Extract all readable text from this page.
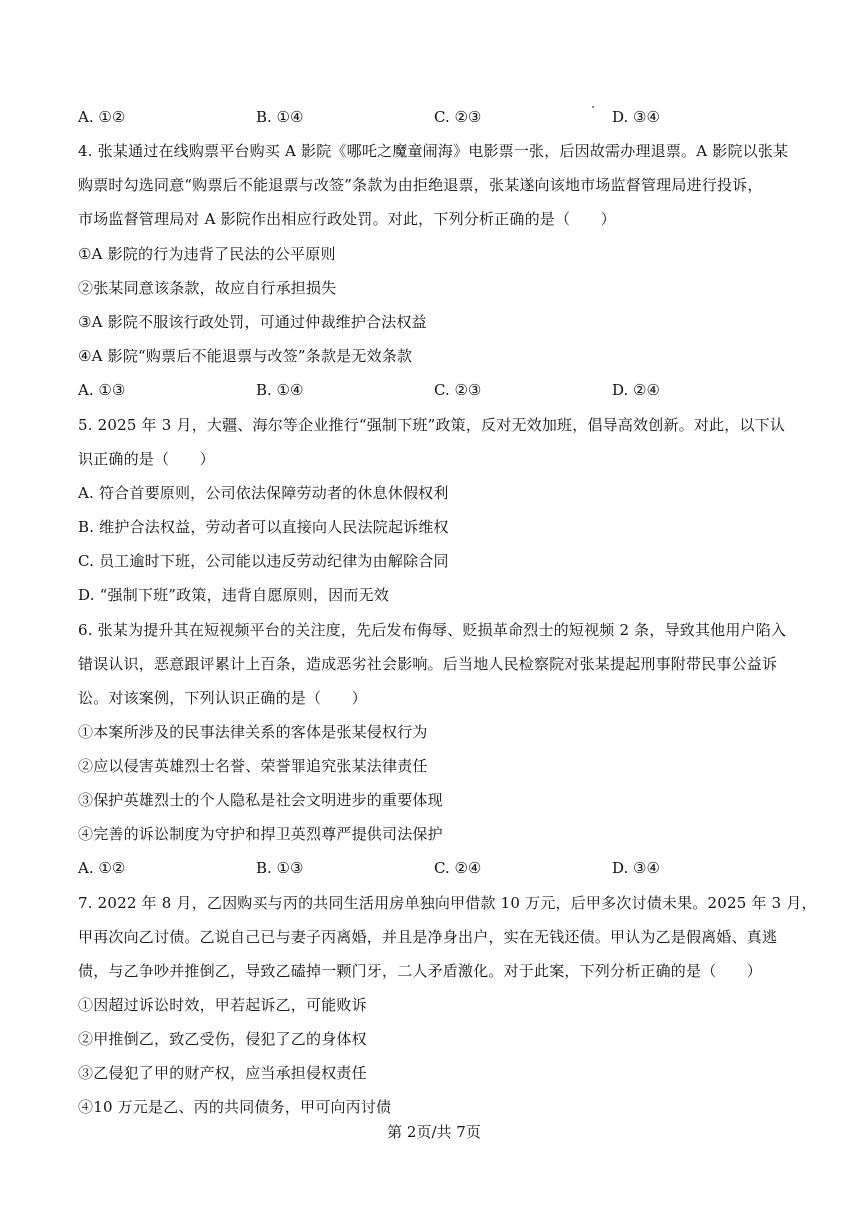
A. ①②	B. ①④	C. ②③	D. ③④
4. 张某通过在线购票平台购买 A 影院《哪吒之魔童闹海》电影票一张，后因故需办理退票。A 影院以张某
购票时勾选同意“购票后不能退票与改签”条款为由拒绝退票，张某遂向该地市场监督管理局进行投诉，
市场监督管理局对 A 影院作出相应行政处罚。对此，下列分析正确的是（　　）
①A 影院的行为违背了民法的公平原则
②张某同意该条款，故应自行承担损失
③A 影院不服该行政处罚，可通过仲裁维护合法权益
④A 影院“购票后不能退票与改签”条款是无效条款
A. ①③	B. ①④	C. ②③	D. ②④
5. 2025 年 3 月，大疆、海尔等企业推行“强制下班”政策，反对无效加班，倡导高效创新。对此，以下认
识正确的是（　　）
A. 符合首要原则，公司依法保障劳动者的休息休假权利
B. 维护合法权益，劳动者可以直接向人民法院起诉维权
C. 员工逾时下班，公司能以违反劳动纪律为由解除合同
D. “强制下班”政策，违背自愿原则，因而无效
6. 张某为提升其在短视频平台的关注度，先后发布侮辱、贬损革命烈士的短视频 2 条，导致其他用户陷入
错误认识，恶意跟评累计上百条，造成恶劣社会影响。后当地人民检察院对张某提起刑事附带民事公益诉
讼。对该案例，下列认识正确的是（　　）
①本案所涉及的民事法律关系的客体是张某侵权行为
②应以侵害英雄烈士名誉、荣誉罪追究张某法律责任
③保护英雄烈士的个人隐私是社会文明进步的重要体现
④完善的诉讼制度为守护和捍卫英烈尊严提供司法保护
A. ①②	B. ①③	C. ②④	D. ③④
7. 2022 年 8 月，乙因购买与丙的共同生活用房单独向甲借款 10 万元，后甲多次讨债未果。2025 年 3 月，
甲再次向乙讨债。乙说自己已与妻子丙离婚，并且是净身出户，实在无钱还债。甲认为乙是假离婚、真逃
债，与乙争吵并推倒乙，导致乙磕掉一颗门牙，二人矛盾激化。对于此案，下列分析正确的是（　　）
①因超过诉讼时效，甲若起诉乙，可能败诉
②甲推倒乙，致乙受伤，侵犯了乙的身体权
③乙侵犯了甲的财产权，应当承担侵权责任
④10 万元是乙、丙的共同债务，甲可向丙讨债
第 2页/共 7页
